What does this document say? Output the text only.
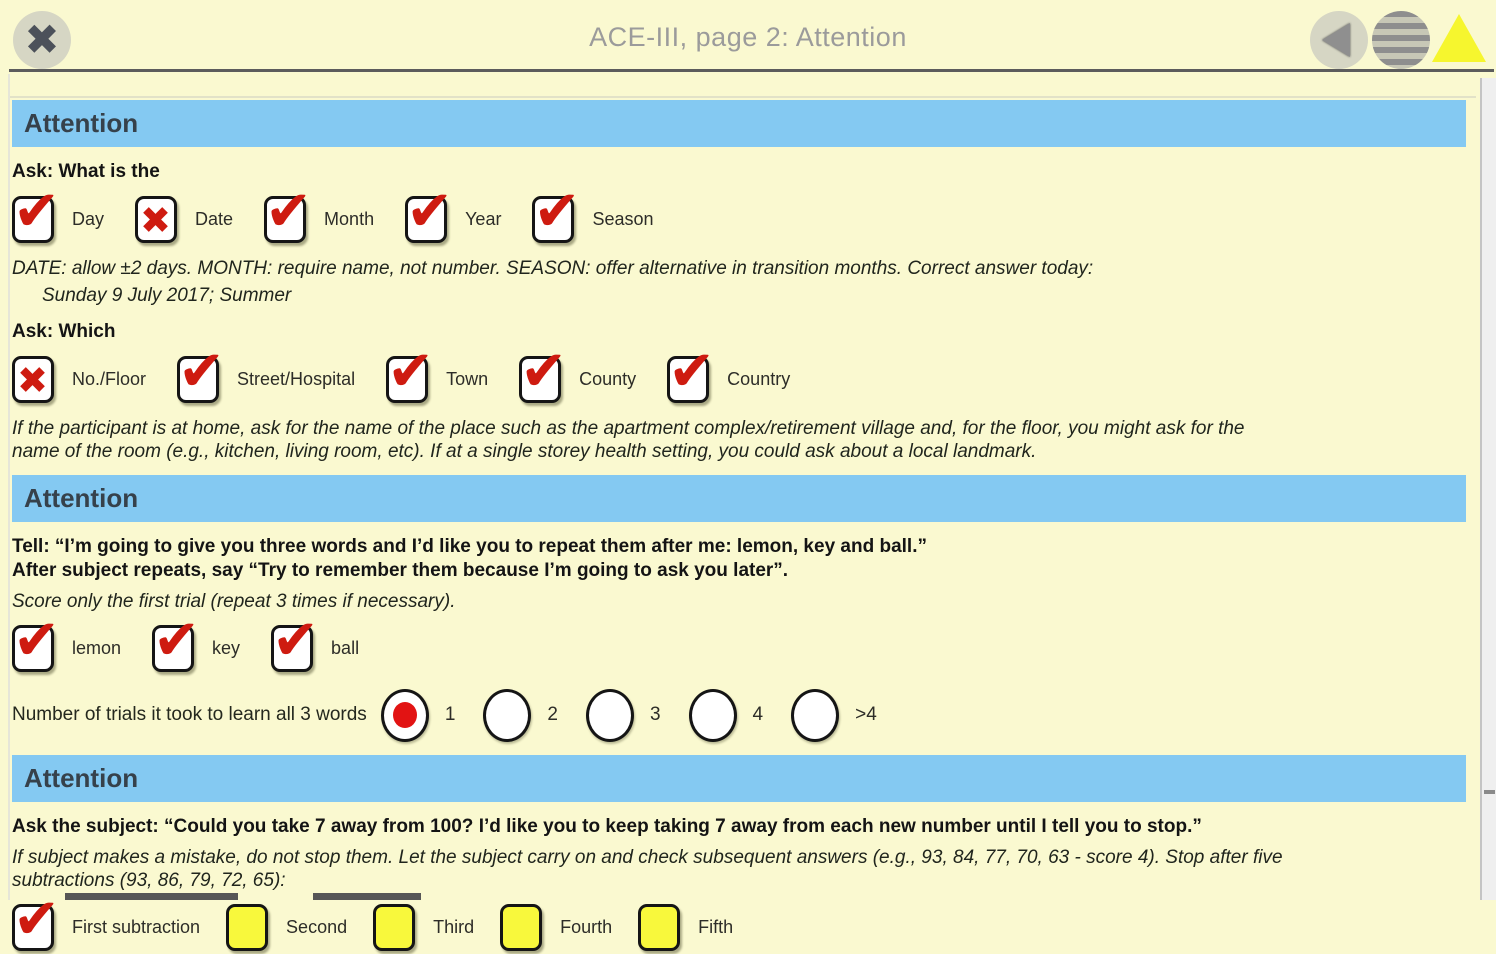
✖	ACE-III, page 2: Attention
Attention

Ask: What is the

✔ Day ✖ Date ✔ Month ✔ Year ✔ Season

DATE: allow ±2 days. MONTH: require name, not number. SEASON: offer alternative in transition months. Correct answer today:

Sunday 9 July 2017; Summer

Ask: Which

✖ No./Floor ✔ Street/Hospital ✔ Town ✔ County ✔ Country

If the participant is at home, ask for the name of the place such as the apartment complex/retirement village and, for the floor, you might ask for the
name of the room (e.g., kitchen, living room, etc). If at a single storey health setting, you could ask about a local landmark.

Attention

Tell: “I’m going to give you three words and I’d like you to repeat them after me: lemon, key and ball.”
After subject repeats, say “Try to remember them because I’m going to ask you later”.

Score only the first trial (repeat 3 times if necessary).

✔ lemon ✔ key ✔ ball
Number of trials it took to learn all 3 words	1	2	3	4	>4
Attention

Ask the subject: “Could you take 7 away from 100? I’d like you to keep taking 7 away from each new number until I tell you to stop.”

If subject makes a mistake, do not stop them. Let the subject carry on and check subsequent answers (e.g., 93, 84, 77, 70, 63 - score 4). Stop after five
subtractions (93, 86, 79, 72, 65):

✔ First subtraction	Second	Third	Fourth	Fifth
